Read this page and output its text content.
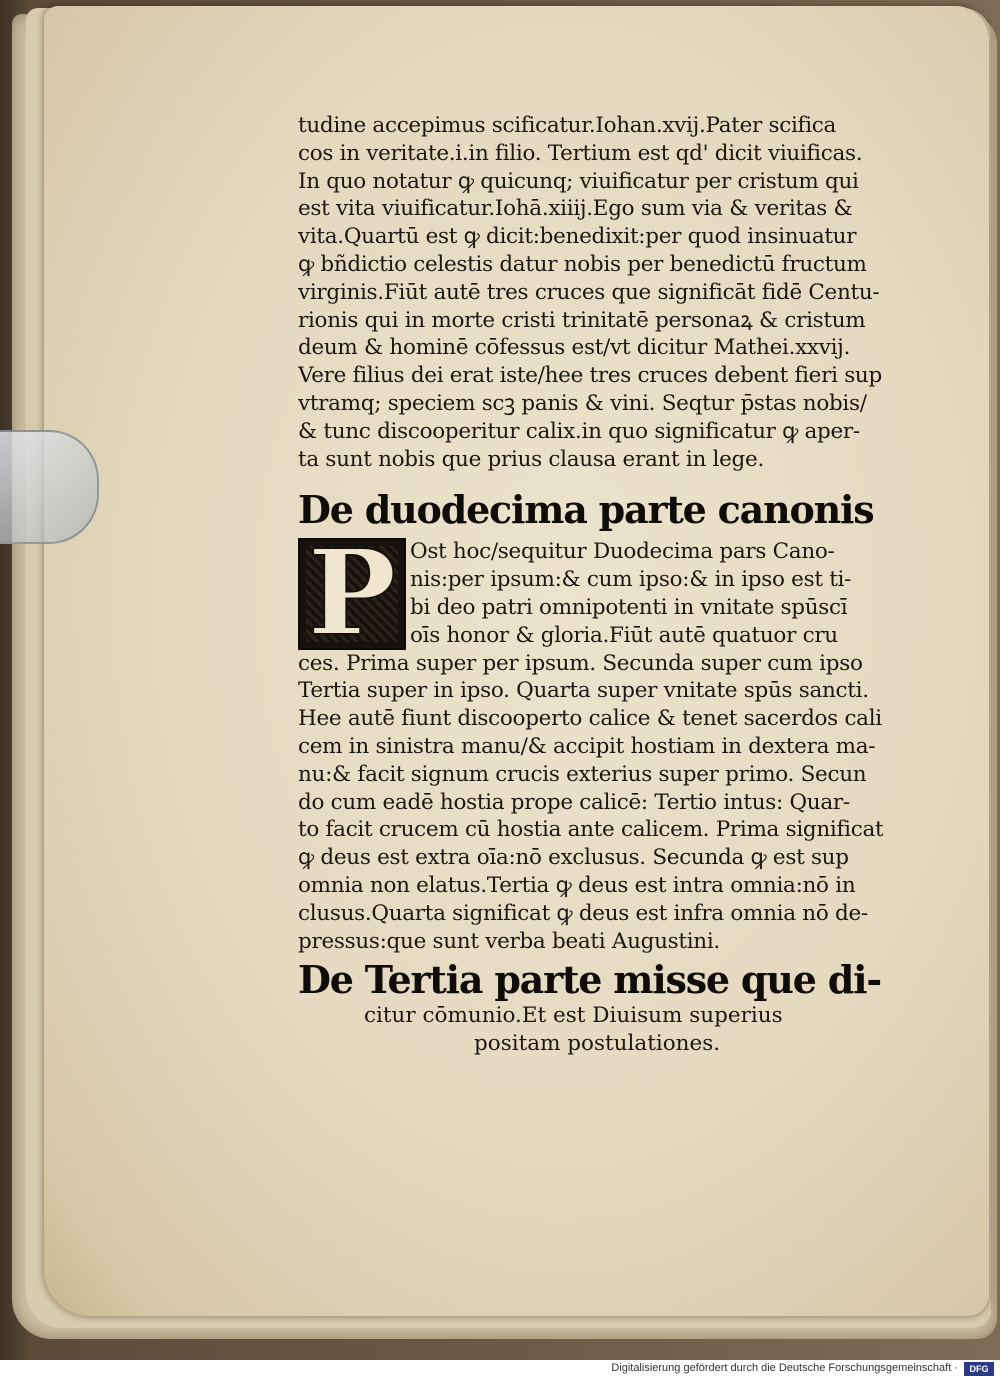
tudine accepimus scificatur.Iohan.xvij.Pater scifica
cos in veritate.i.in filio. Tertium est qd' dicit viuificas.
In quo notatur ꝙ quicunq; viuificatur per cristum qui
est vita viuificatur.Iohā.xiiij.Ego sum via & veritas &
vita.Quartū est ꝙ dicit:benedixit:per quod insinuatur
ꝙ bñdictio celestis datur nobis per benedictū fructum
virginis.Fiūt autē tres cruces que significāt fidē Centu-
rionis qui in morte cristi trinitatē personaꝝ & cristum
deum & hominē cōfessus est/vt dicitur Mathei.xxvij.
Vere filius dei erat iste/hee tres cruces debent fieri sup
vtramq; speciem scꝫ panis & vini. Seqtur p̄stas nobis/
& tunc discooperitur calix.in quo significatur ꝙ aper-
ta sunt nobis que prius clausa erant in lege.
De duodecima parte canonis
P Ost hoc/sequitur Duodecima pars Cano-
nis:per ipsum:& cum ipso:& in ipso est ti-
bi deo patri omnipotenti in vnitate spūscī
oīs honor & gloria.Fiūt autē quatuor cru
ces. Prima super per ipsum. Secunda super cum ipso
Tertia super in ipso. Quarta super vnitate spūs sancti.
Hee autē fiunt discooperto calice & tenet sacerdos cali
cem in sinistra manu/& accipit hostiam in dextera ma-
nu:& facit signum crucis exterius super primo. Secun
do cum eadē hostia prope calicē: Tertio intus: Quar-
to facit crucem cū hostia ante calicem. Prima significat
ꝙ deus est extra oīa:nō exclusus. Secunda ꝙ est sup
omnia non elatus.Tertia ꝙ deus est intra omnia:nō in
clusus.Quarta significat ꝙ deus est infra omnia nō de-
pressus:que sunt verba beati Augustini.
De Tertia parte misse que di-
citur cōmunio.Et est Diuisum superius
positam postulationes.
Digitalisierung gefördert durch die Deutsche Forschungsgemeinschaft ·	DFG
